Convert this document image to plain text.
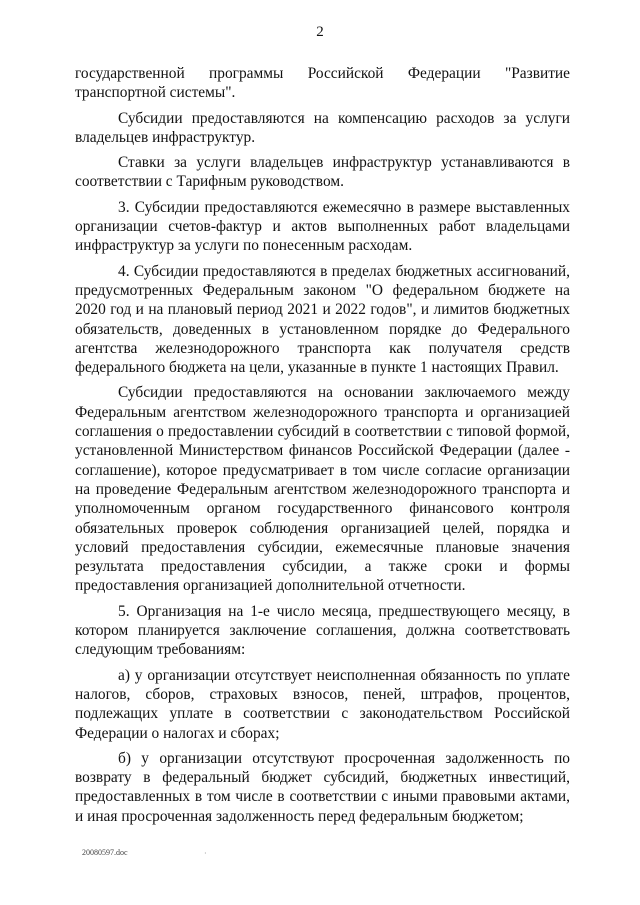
2

государственной программы Российской Федерации "Развитие транспортной системы".

Субсидии предоставляются на компенсацию расходов за услуги владельцев инфраструктур.

Ставки за услуги владельцев инфраструктур устанавливаются в соответствии с Тарифным руководством.

3. Субсидии предоставляются ежемесячно в размере выставленных организации счетов-фактур и актов выполненных работ владельцами инфраструктур за услуги по понесенным расходам.

4. Субсидии предоставляются в пределах бюджетных ассигнований, предусмотренных Федеральным законом "О федеральном бюджете на 2020 год и на плановый период 2021 и 2022 годов", и лимитов бюджетных обязательств, доведенных в установленном порядке до Федерального агентства железнодорожного транспорта как получателя средств федерального бюджета на цели, указанные в пункте 1 настоящих Правил.

Субсидии предоставляются на основании заключаемого между Федеральным агентством железнодорожного транспорта и организацией соглашения о предоставлении субсидий в соответствии с типовой формой, установленной Министерством финансов Российской Федерации (далее - соглашение), которое предусматривает в том числе согласие организации на проведение Федеральным агентством железнодорожного транспорта и уполномоченным органом государственного финансового контроля обязательных проверок соблюдения организацией целей, порядка и условий предоставления субсидии, ежемесячные плановые значения результата предоставления субсидии, а также сроки и формы предоставления организацией дополнительной отчетности.

5. Организация на 1-е число месяца, предшествующего месяцу, в котором планируется заключение соглашения, должна соответствовать следующим требованиям:

а) у организации отсутствует неисполненная обязанность по уплате налогов, сборов, страховых взносов, пеней, штрафов, процентов, подлежащих уплате в соответствии с законодательством Российской Федерации о налогах и сборах;

б) у организации отсутствуют просроченная задолженность по возврату в федеральный бюджет субсидий, бюджетных инвестиций, предоставленных в том числе в соответствии с иными правовыми актами, и иная просроченная задолженность перед федеральным бюджетом;

20080597.doc	·
